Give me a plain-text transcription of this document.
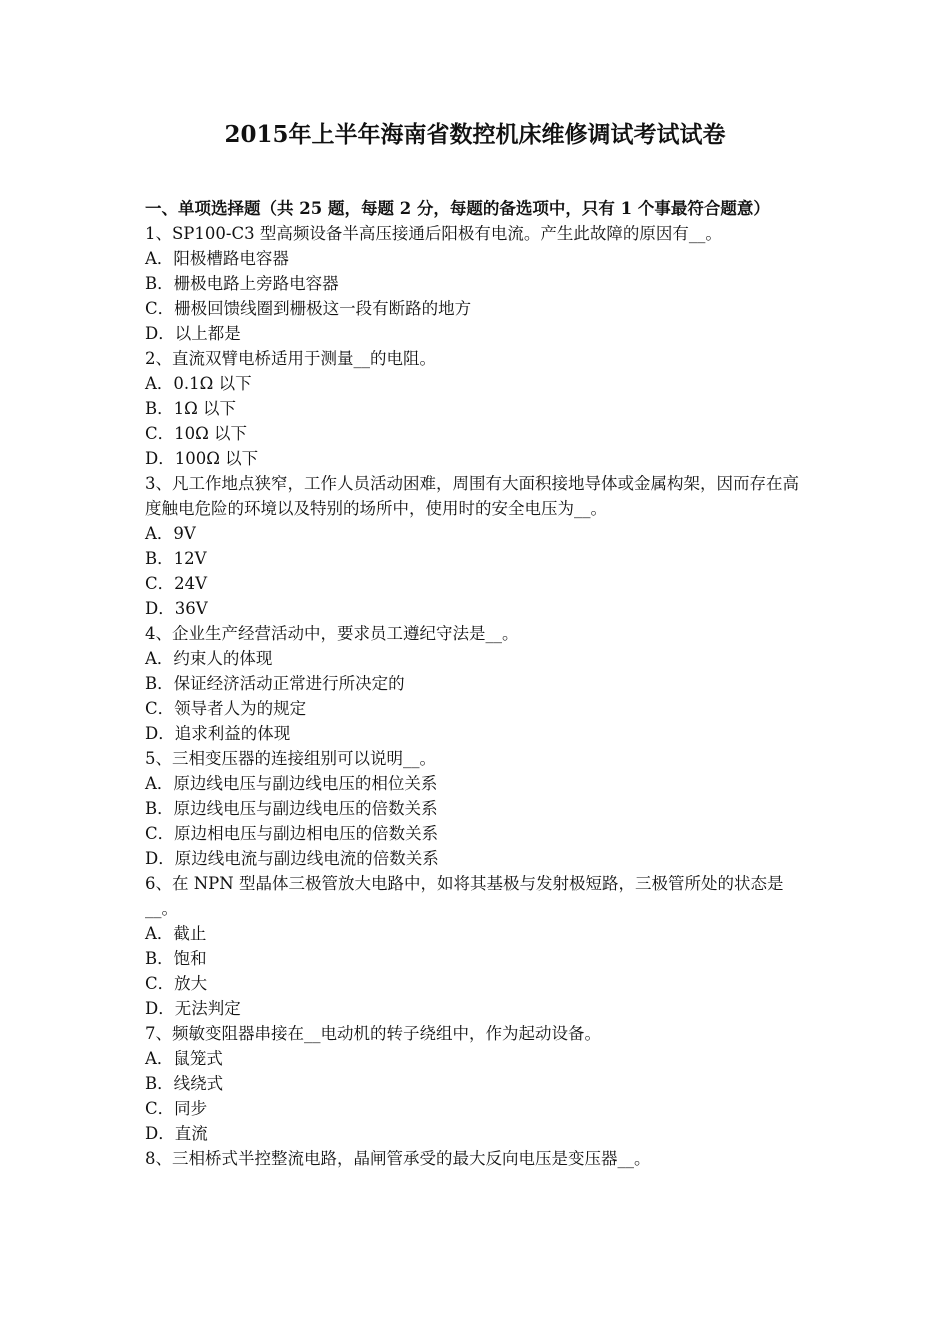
2015年上半年海南省数控机床维修调试考试试卷
一、单项选择题（共 25 题，每题 2 分，每题的备选项中，只有 1 个事最符合题意）
1、SP100-C3 型高频设备半高压接通后阳极有电流。产生此故障的原因有__。
A．阳极槽路电容器
B．栅极电路上旁路电容器
C．栅极回馈线圈到栅极这一段有断路的地方
D．以上都是
2、直流双臂电桥适用于测量__的电阻。
A．0.1Ω 以下
B．1Ω 以下
C．10Ω 以下
D．100Ω 以下
3、凡工作地点狭窄，工作人员活动困难，周围有大面积接地导体或金属构架，因而存在高度触电危险的环境以及特别的场所中，使用时的安全电压为__。
A．9V
B．12V
C．24V
D．36V
4、企业生产经营活动中，要求员工遵纪守法是__。
A．约束人的体现
B．保证经济活动正常进行所决定的
C．领导者人为的规定
D．追求利益的体现
5、三相变压器的连接组别可以说明__。
A．原边线电压与副边线电压的相位关系
B．原边线电压与副边线电压的倍数关系
C．原边相电压与副边相电压的倍数关系
D．原边线电流与副边线电流的倍数关系
6、在 NPN 型晶体三极管放大电路中，如将其基极与发射极短路，三极管所处的状态是__。
A．截止
B．饱和
C．放大
D．无法判定
7、频敏变阻器串接在__电动机的转子绕组中，作为起动设备。
A．鼠笼式
B．线绕式
C．同步
D．直流
8、三相桥式半控整流电路，晶闸管承受的最大反向电压是变压器__。
